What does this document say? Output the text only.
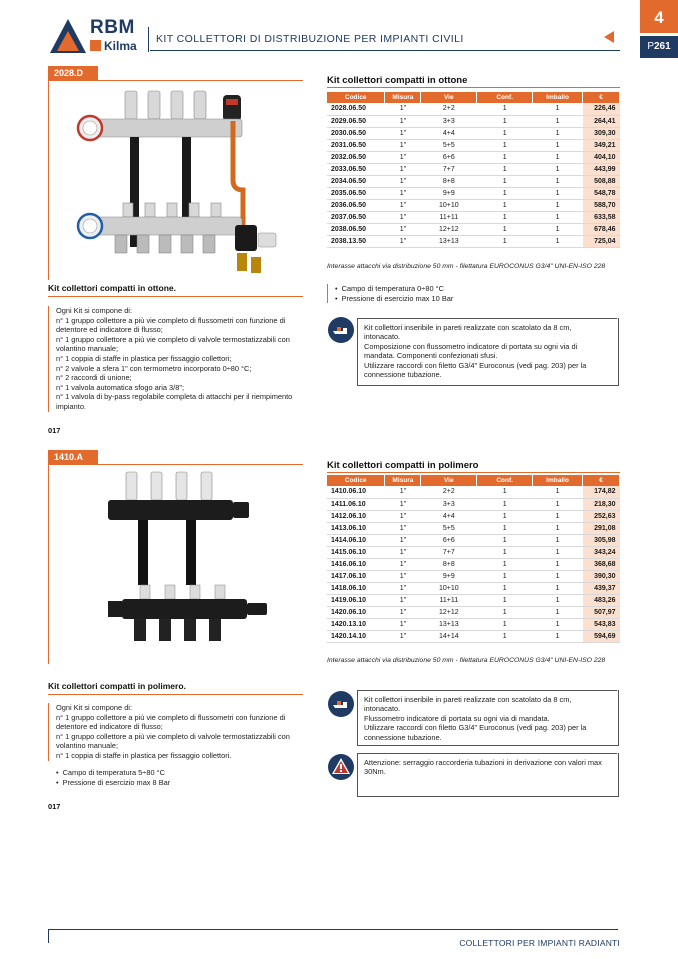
RBM
Kilma KIT COLLETTORI DI DISTRIBUZIONE PER IMPIANTI CIVILI
4
P261
2028.D
Kit collettori compatti in ottone
Codice	Misura	Vie	Conf.	Imballo	€
2028.06.50	1"	2+2	1	1	226,46
2029.06.50	1"	3+3	1	1	264,41
2030.06.50	1"	4+4	1	1	309,30
2031.06.50	1"	5+5	1	1	349,21
2032.06.50	1"	6+6	1	1	404,10
2033.06.50	1"	7+7	1	1	443,99
2034.06.50	1"	8+8	1	1	508,88
2035.06.50	1"	9+9	1	1	548,78
2036.06.50	1"	10+10	1	1	588,70
2037.06.50	1"	11+11	1	1	633,58
2038.06.50	1"	12+12	1	1	678,46
2038.13.50	1"	13+13	1	1	725,04
Interasse attacchi via distribuzione 50 mm - filettatura EUROCONUS G3/4" UNI-EN-ISO 228
Kit collettori compatti in ottone.
Ogni Kit si compone di:
n° 1 gruppo collettore a più vie completo di flussometri con funzione di
detentore ed indicatore di flusso;
n° 1 gruppo collettore a più vie completo di valvole termostatizzabili con
volantino manuale;
n° 1 coppia di staffe in plastica per fissaggio collettori;
n° 2 valvole a sfera 1" con termometro incorporato 0÷80 °C;
n° 2 raccordi di unione;
n° 1 valvola automatica sfogo aria 3/8";
n° 1 valvola di by-pass regolabile completa di attacchi per il riempimento
impianto.
• Campo di temperatura 0÷80 °C
• Pressione di esercizio max 10 Bar
Kit collettori inseribile in pareti realizzate con scatolato da 8 cm,
intonacato.
Composizione con flussometro indicatore di portata su ogni via di
mandata. Componenti confezionati sfusi.
Utilizzare raccordi con filetto G3/4" Euroconus (vedi pag. 203) per la
connessione tubazione.
017
1410.A
Kit collettori compatti in polimero
Codice	Misura	Vie	Conf.	Imballo	€
1410.06.10	1"	2+2	1	1	174,82
1411.06.10	1"	3+3	1	1	218,30
1412.06.10	1"	4+4	1	1	252,63
1413.06.10	1"	5+5	1	1	291,08
1414.06.10	1"	6+6	1	1	305,98
1415.06.10	1"	7+7	1	1	343,24
1416.06.10	1"	8+8	1	1	368,68
1417.06.10	1"	9+9	1	1	390,30
1418.06.10	1"	10+10	1	1	439,37
1419.06.10	1"	11+11	1	1	483,26
1420.06.10	1"	12+12	1	1	507,97
1420.13.10	1"	13+13	1	1	543,83
1420.14.10	1"	14+14	1	1	594,69
Interasse attacchi via distribuzione 50 mm - filettatura EUROCONUS G3/4" UNI-EN-ISO 228
Kit collettori compatti in polimero.
Ogni Kit si compone di:
n° 1 gruppo collettore a più vie completo di flussometri con funzione di
detentore ed indicatore di flusso;
n° 1 gruppo collettore a più vie completo di valvole termostatizzabili con
volantino manuale;
n° 1 coppia di staffe in plastica per fissaggio collettori.
• Campo di temperatura 5÷80 °C
• Pressione di esercizio max 8 Bar
Kit collettori inseribile in pareti realizzate con scatolato da 8 cm,
intonacato.
Flussometro indicatore di portata su ogni via di mandata.
Utilizzare raccordi con filetto G3/4" Euroconus (vedi pag. 203) per la
connessione tubazione.
Attenzione: serraggio raccorderia tubazioni in derivazione con valori max
30Nm.
017
COLLETTORI PER IMPIANTI RADIANTI
